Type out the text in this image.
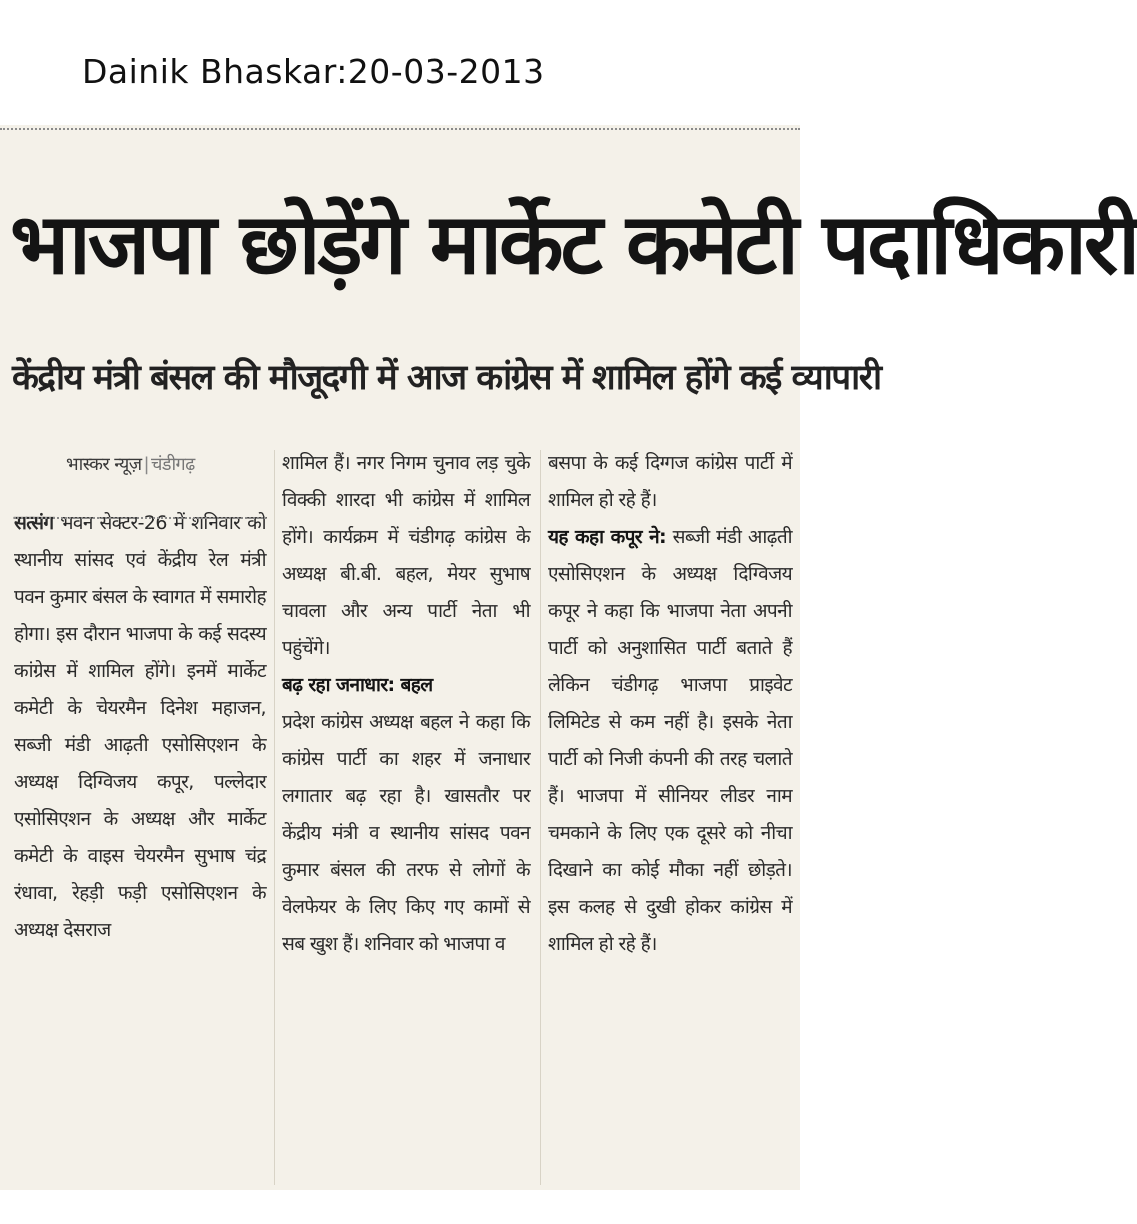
Dainik Bhaskar:20-03-2013
भाजपा छोड़ेंगे मार्केट कमेटी पदाधिकारी
केंद्रीय मंत्री बंसल की मौजूदगी में आज कांग्रेस में शामिल होंगे कई व्यापारी
भास्कर न्यूज़ | चंडीगढ़

सत्संग भवन सेक्टर-26 में शनिवार को स्थानीय सांसद एवं केंद्रीय रेल मंत्री पवन कुमार बंसल के स्वागत में समारोह होगा। इस दौरान भाजपा के कई सदस्य कांग्रेस में शामिल होंगे। इनमें मार्केट कमेटी के चेयरमैन दिनेश महाजन, सब्जी मंडी आढ़ती एसोसिएशन के अध्यक्ष दिग्विजय कपूर, पल्लेदार एसोसिएशन के अध्यक्ष और मार्केट कमेटी के वाइस चेयरमैन सुभाष चंद्र रंधावा, रेहड़ी फड़ी एसोसिएशन के अध्यक्ष देसराज

शामिल हैं। नगर निगम चुनाव लड़ चुके विक्की शारदा भी कांग्रेस में शामिल होंगे। कार्यक्रम में चंडीगढ़ कांग्रेस के अध्यक्ष बी.बी. बहल, मेयर सुभाष चावला और अन्य पार्टी नेता भी पहुंचेंगे।

बढ़ रहा जनाधार: बहल

प्रदेश कांग्रेस अध्यक्ष बहल ने कहा कि कांग्रेस पार्टी का शहर में जनाधार लगातार बढ़ रहा है। खासतौर पर केंद्रीय मंत्री व स्थानीय सांसद पवन कुमार बंसल की तरफ से लोगों के वेलफेयर के लिए किए गए कामों से सब खुश हैं। शनिवार को भाजपा व

बसपा के कई दिग्गज कांग्रेस पार्टी में शामिल हो रहे हैं।

यह कहा कपूर ने: सब्जी मंडी आढ़ती एसोसिएशन के अध्यक्ष दिग्विजय कपूर ने कहा कि भाजपा नेता अपनी पार्टी को अनुशासित पार्टी बताते हैं लेकिन चंडीगढ़ भाजपा प्राइवेट लिमिटेड से कम नहीं है। इसके नेता पार्टी को निजी कंपनी की तरह चलाते हैं। भाजपा में सीनियर लीडर नाम चमकाने के लिए एक दूसरे को नीचा दिखाने का कोई मौका नहीं छोड़ते। इस कलह से दुखी होकर कांग्रेस में शामिल हो रहे हैं।
